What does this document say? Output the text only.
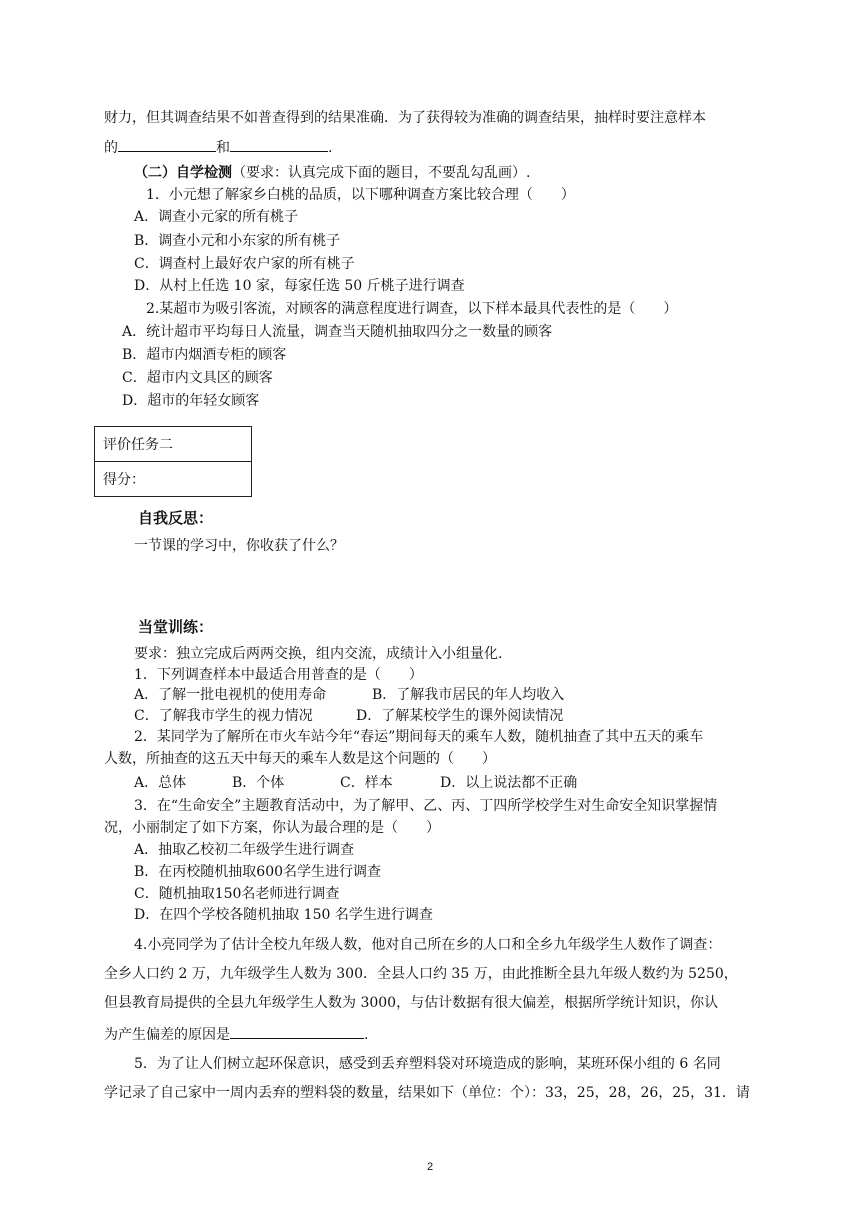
财力，但其调查结果不如普查得到的结果准确．为了获得较为准确的调查结果，抽样时要注意样本
的	和	.
（二）自学检测（要求：认真完成下面的题目，不要乱勾乱画）.
1．小元想了解家乡白桃的品质，以下哪种调查方案比较合理（　　）
A．调查小元家的所有桃子
B．调查小元和小东家的所有桃子
C．调查村上最好农户家的所有桃子
D．从村上任选 10 家，每家任选 50 斤桃子进行调查
2.某超市为吸引客流，对顾客的满意程度进行调查，以下样本最具代表性的是（　　）
A．统计超市平均每日人流量，调查当天随机抽取四分之一数量的顾客
B．超市内烟酒专柜的顾客
C．超市内文具区的顾客
D．超市的年轻女顾客
评价任务二
得分：
自我反思：
一节课的学习中，你收获了什么？
当堂训练：
要求：独立完成后两两交换，组内交流，成绩计入小组量化.
1．下列调查样本中最适合用普查的是（　　）
A．了解一批电视机的使用寿命	B．了解我市居民的年人均收入
C．了解我市学生的视力情况	D．了解某校学生的课外阅读情况
2．某同学为了解所在市火车站今年“春运”期间每天的乘车人数，随机抽查了其中五天的乘车
人数，所抽查的这五天中每天的乘车人数是这个问题的（　　）
A．总体	B．个体	C．样本	D．以上说法都不正确
3．在“生命安全”主题教育活动中，为了解甲、乙、丙、丁四所学校学生对生命安全知识掌握情
况，小丽制定了如下方案，你认为最合理的是（　　）
A．抽取乙校初二年级学生进行调查
B．在丙校随机抽取600名学生进行调查
C．随机抽取150名老师进行调查
D．在四个学校各随机抽取 150 名学生进行调查
4.小亮同学为了估计全校九年级人数，他对自己所在乡的人口和全乡九年级学生人数作了调查：
全乡人口约 2 万，九年级学生人数为 300．全县人口约 35 万，由此推断全县九年级人数约为 5250，
但县教育局提供的全县九年级学生人数为 3000，与估计数据有很大偏差，根据所学统计知识，你认
为产生偏差的原因是	.
5．为了让人们树立起环保意识，感受到丢弃塑料袋对环境造成的影响，某班环保小组的 6 名同
学记录了自己家中一周内丢弃的塑料袋的数量，结果如下（单位：个）：33，25，28，26，25，31．请
2
